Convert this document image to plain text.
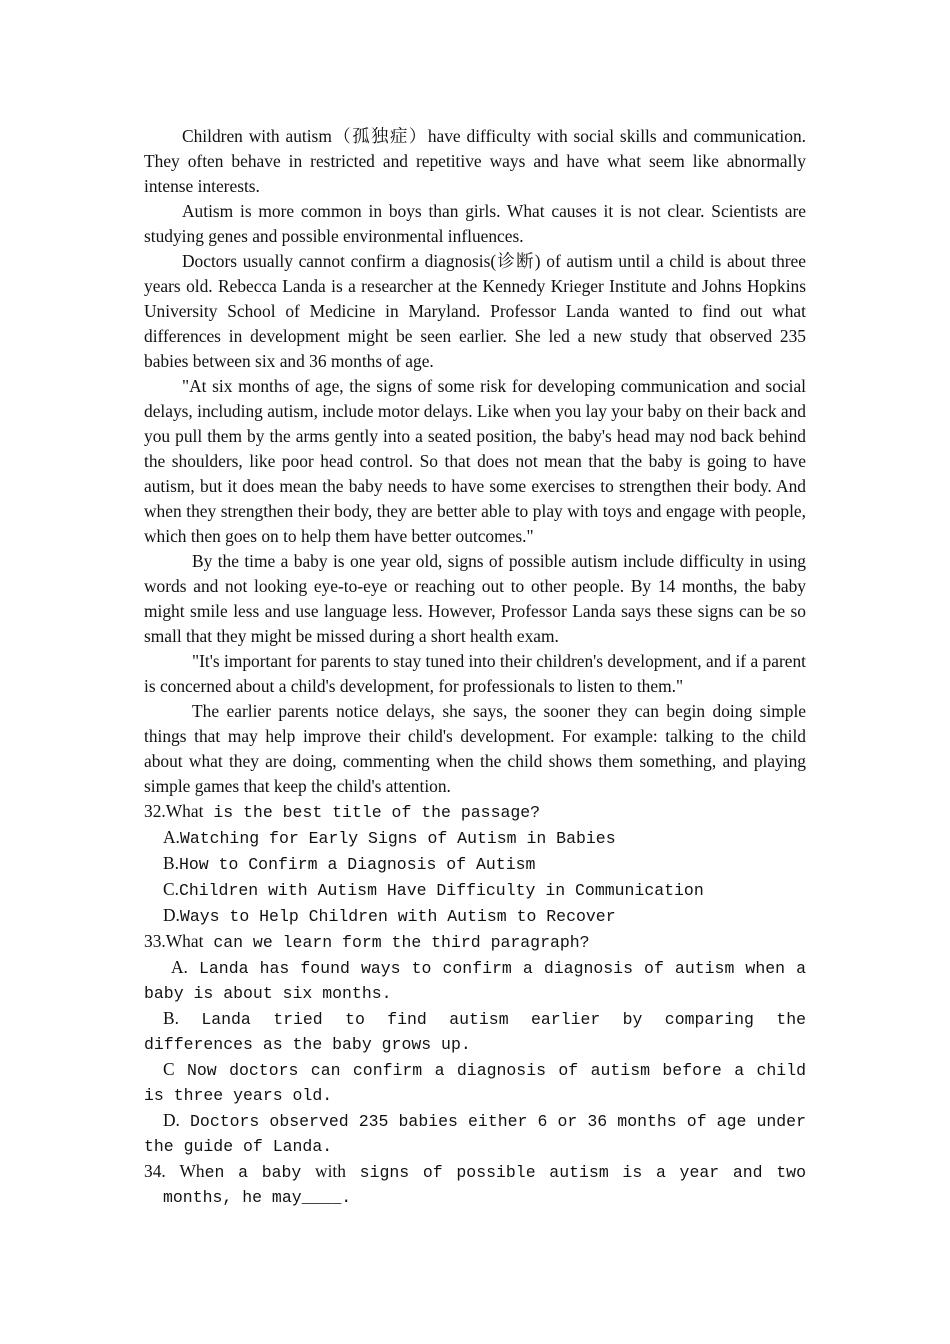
Children with autism（孤独症）have difficulty with social skills and communication. They often behave in restricted and repetitive ways and have what seem like abnormally intense interests.

Autism is more common in boys than girls. What causes it is not clear. Scientists are studying genes and possible environmental influences.

Doctors usually cannot confirm a diagnosis(诊断) of autism until a child is about three years old. Rebecca Landa is a researcher at the Kennedy Krieger Institute and Johns Hopkins University School of Medicine in Maryland. Professor Landa wanted to find out what differences in development might be seen earlier. She led a new study that observed 235 babies between six and 36 months of age.

"At six months of age, the signs of some risk for developing communication and social delays, including autism, include motor delays. Like when you lay your baby on their back and you pull them by the arms gently into a seated position, the baby's head may nod back behind the shoulders, like poor head control. So that does not mean that the baby is going to have autism, but it does mean the baby needs to have some exercises to strengthen their body. And when they strengthen their body, they are better able to play with toys and engage with people, which then goes on to help them have better outcomes."

By the time a baby is one year old, signs of possible autism include difficulty in using words and not looking eye-to-eye or reaching out to other people. By 14 months, the baby might smile less and use language less. However, Professor Landa says these signs can be so small that they might be missed during a short health exam.

"It's important for parents to stay tuned into their children's development, and if a parent is concerned about a child's development, for professionals to listen to them."

The earlier parents notice delays, she says, the sooner they can begin doing simple things that may help improve their child's development. For example: talking to the child about what they are doing, commenting when the child shows them something, and playing simple games that keep the child's attention.

32.What is the best title of the passage?

A.Watching for Early Signs of Autism in Babies

B.How to Confirm a Diagnosis of Autism

C.Children with Autism Have Difficulty in Communication

D.Ways to Help Children with Autism to Recover

33.What can we learn form the third paragraph?

A. Landa has found ways to confirm a diagnosis of autism when a baby is about six months.

B. Landa tried to find autism earlier by comparing the differences as the baby grows up.

C Now doctors can confirm a diagnosis of autism before a child is three years old.

D. Doctors observed 235 babies either 6 or 36 months of age under the guide of Landa.

34. When a baby with signs of possible autism is a year and two months, he may____.
